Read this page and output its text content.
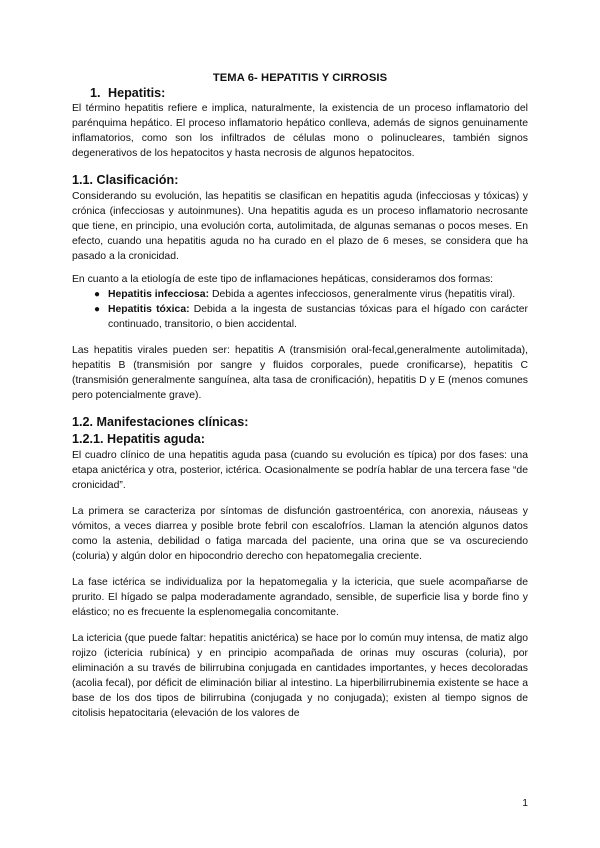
TEMA 6- HEPATITIS Y CIRROSIS
1. Hepatitis:

El término hepatitis refiere e implica, naturalmente, la existencia de un proceso inflamatorio del parénquima hepático. El proceso inflamatorio hepático conlleva, además de signos genuinamente inflamatorios, como son los infiltrados de células mono o polinucleares, también signos degenerativos de los hepatocitos y hasta necrosis de algunos hepatocitos.

1.1. Clasificación:

Considerando su evolución, las hepatitis se clasifican en hepatitis aguda (infecciosas y tóxicas) y crónica (infecciosas y autoinmunes). Una hepatitis aguda es un proceso inflamatorio necrosante que tiene, en principio, una evolución corta, autolimitada, de algunas semanas o pocos meses. En efecto, cuando una hepatitis aguda no ha curado en el plazo de 6 meses, se considera que ha pasado a la cronicidad.

En cuanto a la etiología de este tipo de inflamaciones hepáticas, consideramos dos formas:

● Hepatitis infecciosa: Debida a agentes infecciosos, generalmente virus (hepatitis viral).
● Hepatitis tóxica: Debida a la ingesta de sustancias tóxicas para el hígado con carácter continuado, transitorio, o bien accidental.

Las hepatitis virales pueden ser: hepatitis A (transmisión oral-fecal,generalmente autolimitada), hepatitis B (transmisión por sangre y fluidos corporales, puede cronificarse), hepatitis C (transmisión generalmente sanguínea, alta tasa de cronificación), hepatitis D y E (menos comunes pero potencialmente grave).

1.2. Manifestaciones clínicas:
1.2.1. Hepatitis aguda:

El cuadro clínico de una hepatitis aguda pasa (cuando su evolución es típica) por dos fases: una etapa anictérica y otra, posterior, ictérica. Ocasionalmente se podría hablar de una tercera fase “de cronicidad”.

La primera se caracteriza por síntomas de disfunción gastroentérica, con anorexia, náuseas y vómitos, a veces diarrea y posible brote febril con escalofríos. Llaman la atención algunos datos como la astenia, debilidad o fatiga marcada del paciente, una orina que se va oscureciendo (coluria) y algún dolor en hipocondrio derecho con hepatomegalia creciente.

La fase ictérica se individualiza por la hepatomegalia y la ictericia, que suele acompañarse de prurito. El hígado se palpa moderadamente agrandado, sensible, de superficie lisa y borde fino y elástico; no es frecuente la esplenomegalia concomitante.

La ictericia (que puede faltar: hepatitis anictérica) se hace por lo común muy intensa, de matiz algo rojizo (ictericia rubínica) y en principio acompañada de orinas muy oscuras (coluria), por eliminación a su través de bilirrubina conjugada en cantidades importantes, y heces decoloradas (acolia fecal), por déficit de eliminación biliar al intestino. La hiperbilirrubinemia existente se hace a base de los dos tipos de bilirrubina (conjugada y no conjugada); existen al tiempo signos de citolisis hepatocitaria (elevación de los valores de

1
